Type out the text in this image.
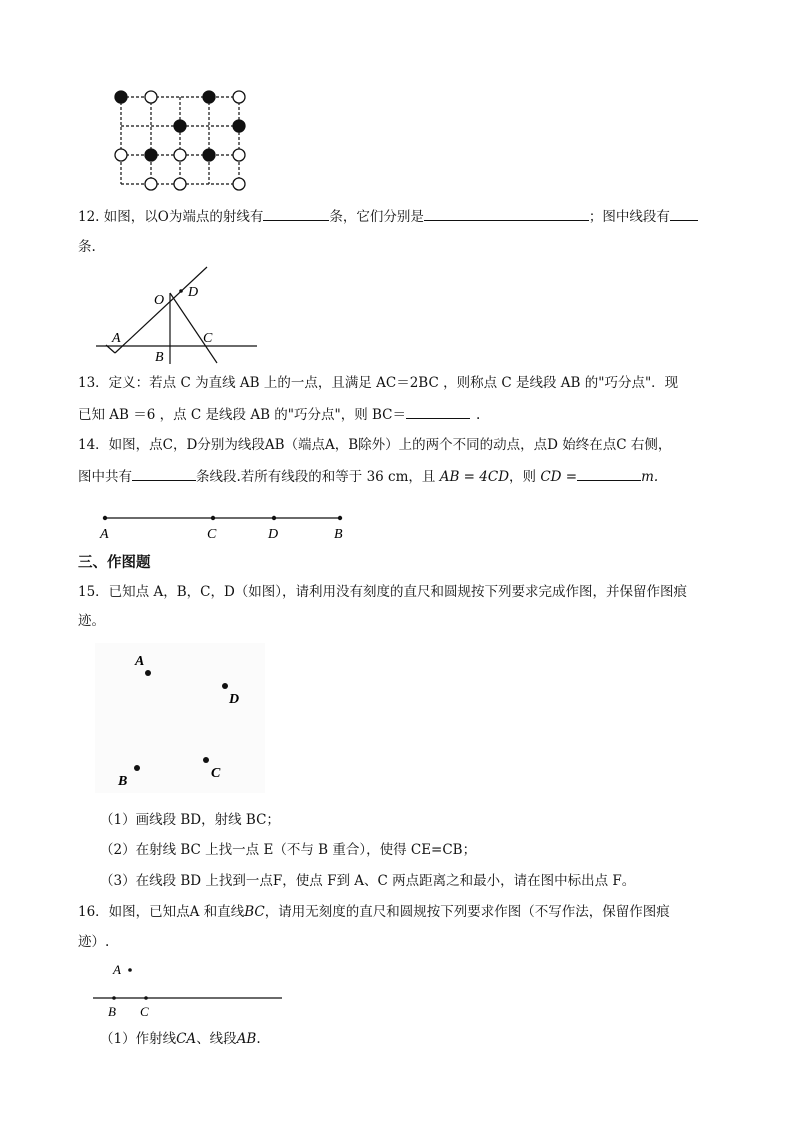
12. 如图，以O为端点的射线有	条，它们分别是	；图中线段有
条.
O
D
A	C
B
13．定义：若点 C 为直线 AB 上的一点，且满足 AC＝2BC ，则称点 C 是线段 AB 的"巧分点"．现
已知 AB ＝6 ，点 C 是线段 AB 的"巧分点"，则 BC＝	.
14．如图，点C，D分别为线段AB（端点A，B除外）上的两个不同的动点，点D 始终在点C 右侧，
图中共有	条线段.若所有线段的和等于 36 cm，且 AB = 4CD，则 CD =	m.
A	C	D	B
三、作图题
15．已知点 A，B，C，D（如图），请利用没有刻度的直尺和圆规按下列要求完成作图，并保留作图痕
迹。
A
D
B
C
（1）画线段 BD，射线 BC；
（2）在射线 BC 上找一点 E（不与 B 重合），使得 CE=CB；
（3）在线段 BD 上找到一点F，使点 F到 A、C 两点距离之和最小，请在图中标出点 F。
16．如图，已知点A 和直线BC，请用无刻度的直尺和圆规按下列要求作图（不写作法，保留作图痕
迹）.
A
B C
（1）作射线CA、线段AB.
